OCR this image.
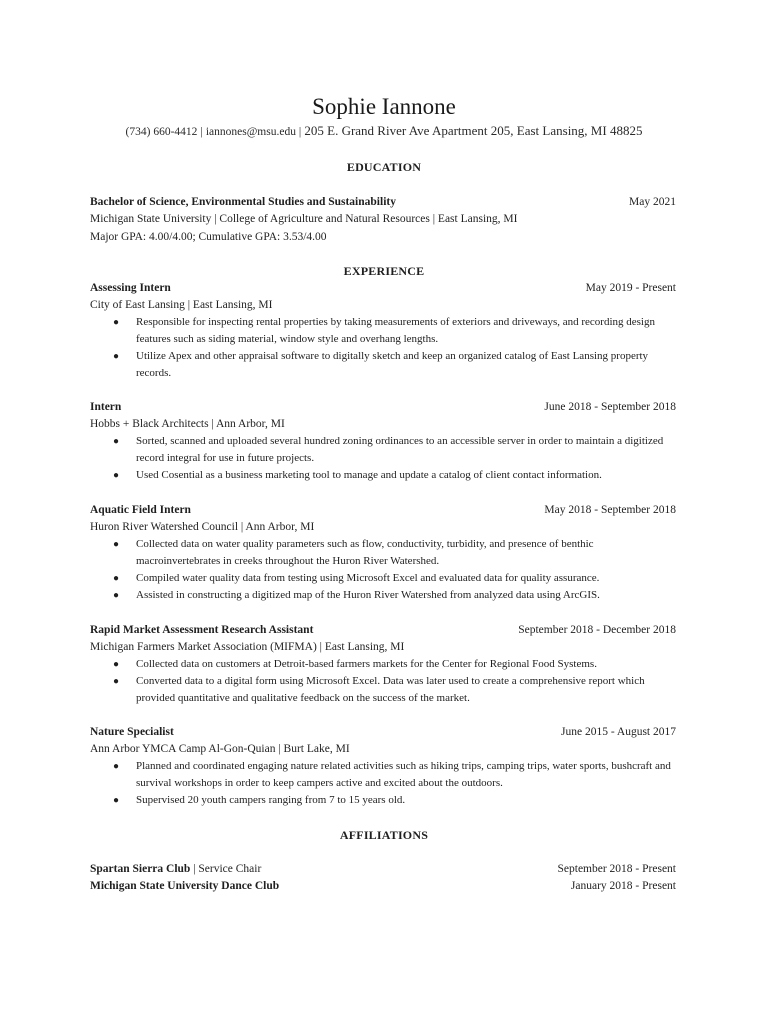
Sophie Iannone
(734) 660-4412 | iannones@msu.edu | 205 E. Grand River Ave Apartment 205, East Lansing, MI 48825
EDUCATION
Bachelor of Science, Environmental Studies and Sustainability	May 2021
Michigan State University | College of Agriculture and Natural Resources | East Lansing, MI
Major GPA: 4.00/4.00; Cumulative GPA: 3.53/4.00
EXPERIENCE
Assessing Intern	May 2019 - Present
City of East Lansing | East Lansing, MI
● Responsible for inspecting rental properties by taking measurements of exteriors and driveways, and recording design features such as siding material, window style and overhang lengths.
● Utilize Apex and other appraisal software to digitally sketch and keep an organized catalog of East Lansing property records.
Intern	June 2018 - September 2018
Hobbs + Black Architects | Ann Arbor, MI
● Sorted, scanned and uploaded several hundred zoning ordinances to an accessible server in order to maintain a digitized record integral for use in future projects.
● Used Cosential as a business marketing tool to manage and update a catalog of client contact information.
Aquatic Field Intern	May 2018 - September 2018
Huron River Watershed Council | Ann Arbor, MI
● Collected data on water quality parameters such as flow, conductivity, turbidity, and presence of benthic macroinvertebrates in creeks throughout the Huron River Watershed.
● Compiled water quality data from testing using Microsoft Excel and evaluated data for quality assurance.
● Assisted in constructing a digitized map of the Huron River Watershed from analyzed data using ArcGIS.
Rapid Market Assessment Research Assistant	September 2018 - December 2018
Michigan Farmers Market Association (MIFMA) | East Lansing, MI
● Collected data on customers at Detroit-based farmers markets for the Center for Regional Food Systems.
● Converted data to a digital form using Microsoft Excel. Data was later used to create a comprehensive report which provided quantitative and qualitative feedback on the success of the market.
Nature Specialist	June 2015 - August 2017
Ann Arbor YMCA Camp Al-Gon-Quian | Burt Lake, MI
● Planned and coordinated engaging nature related activities such as hiking trips, camping trips, water sports, bushcraft and survival workshops in order to keep campers active and excited about the outdoors.
● Supervised 20 youth campers ranging from 7 to 15 years old.
AFFILIATIONS
Spartan Sierra Club | Service Chair	September 2018 - Present
Michigan State University Dance Club	January 2018 - Present
